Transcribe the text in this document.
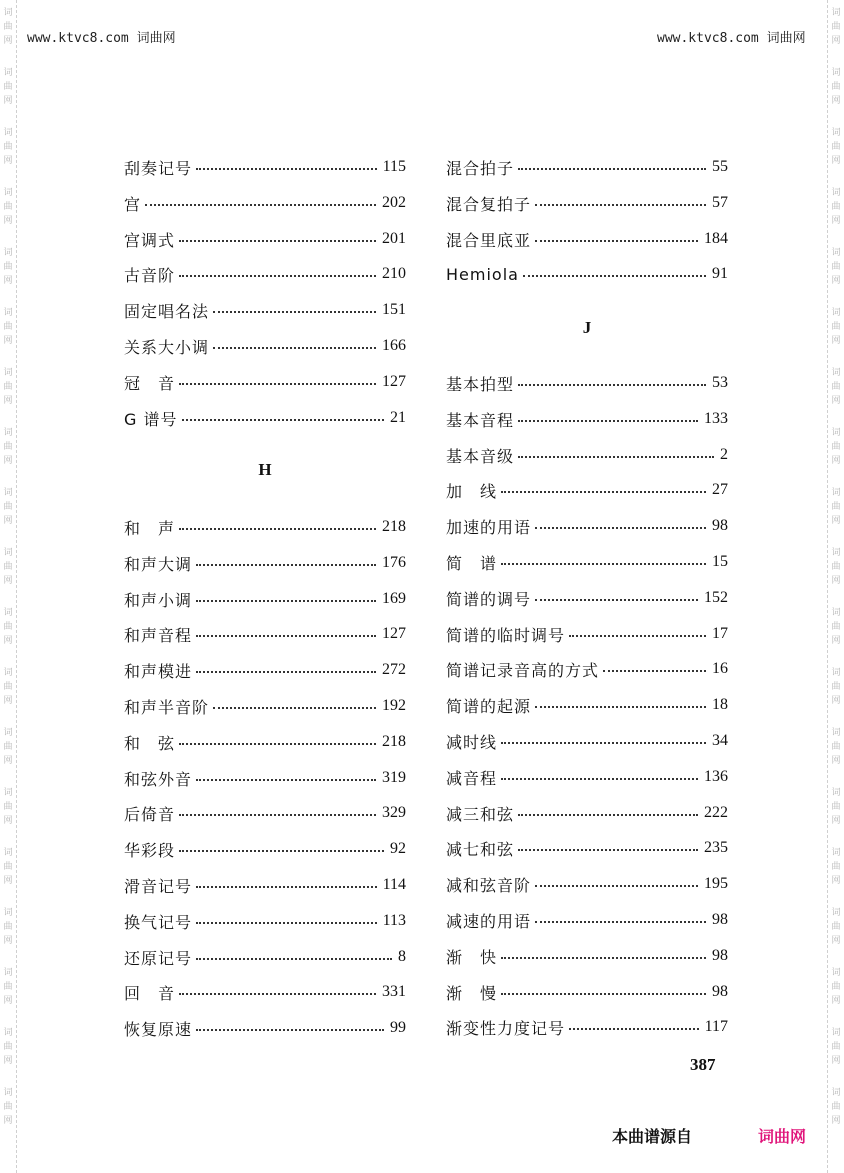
词
曲
网
词
曲
网
词
曲
网
词
曲
网
词
曲
网
词
曲
网
词
曲
网
词
曲
网
词
曲
网
词
曲
网
词
曲
网
词
曲
网
词
曲
网
词
曲
网
词
曲
网
词
曲
网
词
曲
网
词
曲
网
词
曲
网
词
曲
网
词
曲
网
词
曲
网
词
曲
网
词
曲
网
词
曲
网
词
曲
网
词
曲
网
词
曲
网
词
曲
网
词
曲
网
词
曲
网
词
曲
网
词
曲
网
词
曲
网
词
曲
网
词
曲
网
词
曲
网
词
曲
网
www.ktvc8.com 词曲网	www.ktvc8.com 词曲网
刮奏记号	115
宫	202
宫调式	201
古音阶	210
固定唱名法	151
关系大小调	166
冠　音	127
G 谱号	21
H
和　声	218
和声大调	176
和声小调	169
和声音程	127
和声模进	272
和声半音阶	192
和　弦	218
和弦外音	319
后倚音	329
华彩段	92
滑音记号	114
换气记号	113
还原记号	8
回　音	331
恢复原速	99
混合拍子	55
混合复拍子	57
混合里底亚	184
Hemiola	91
J
基本拍型	53
基本音程	133
基本音级	2
加　线	27
加速的用语	98
简　谱	15
简谱的调号	152
简谱的临时调号	17
简谱记录音高的方式	16
简谱的起源	18
减时线	34
减音程	136
减三和弦	222
减七和弦	235
减和弦音阶	195
减速的用语	98
渐　快	98
渐　慢	98
渐变性力度记号	117
387
本曲谱源自	词曲网
